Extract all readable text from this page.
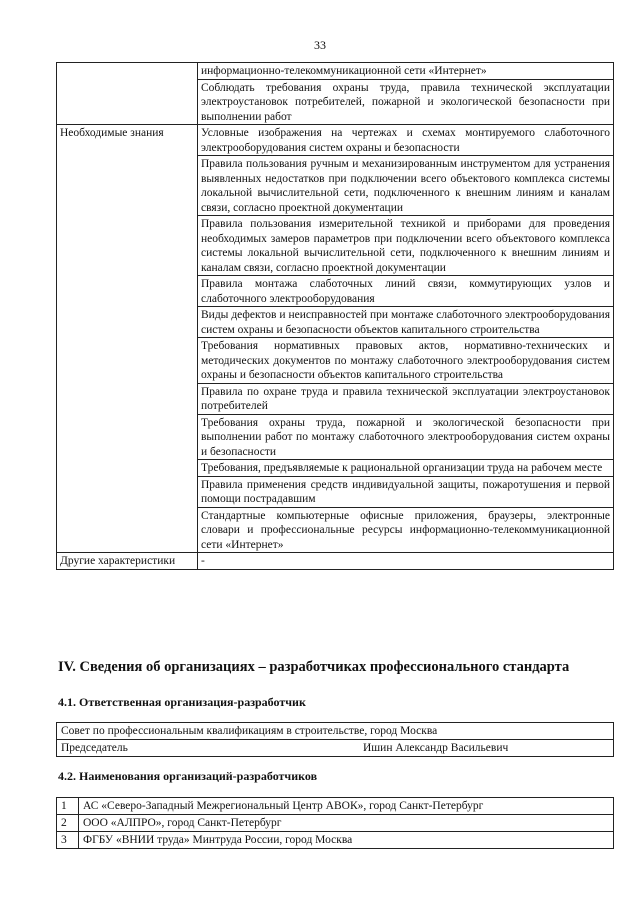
33
	информационно-телекоммуникационной сети «Интернет»
	Соблюдать требования охраны труда, правила технической эксплуатации электроустановок потребителей, пожарной и экологической безопасности при выполнении работ
Необходимые знания	Условные изображения на чертежах и схемах монтируемого слаботочного электрооборудования систем охраны и безопасности
	Правила пользования ручным и механизированным инструментом для устранения выявленных недостатков при подключении всего объектового комплекса системы локальной вычислительной сети, подключенного к внешним линиям и каналам связи, согласно проектной документации
	Правила пользования измерительной техникой и приборами для проведения необходимых замеров параметров при подключении всего объектового комплекса системы локальной вычислительной сети, подключенного к внешним линиям и каналам связи, согласно проектной документации
	Правила монтажа слаботочных линий связи, коммутирующих узлов и слаботочного электрооборудования
	Виды дефектов и неисправностей при монтаже слаботочного электрооборудования систем охраны и безопасности объектов капитального строительства
	Требования нормативных правовых актов, нормативно-технических и методических документов по монтажу слаботочного электрооборудования систем охраны и безопасности объектов капитального строительства
	Правила по охране труда и правила технической эксплуатации электроустановок потребителей
	Требования охраны труда, пожарной и экологической безопасности при выполнении работ по монтажу слаботочного электрооборудования систем охраны и безопасности
	Требования, предъявляемые к рациональной организации труда на рабочем месте
	Правила применения средств индивидуальной защиты, пожаротушения и первой помощи пострадавшим
	Стандартные компьютерные офисные приложения, браузеры, электронные словари и профессиональные ресурсы информационно-телекоммуникационной сети «Интернет»
Другие характеристики	-
IV. Сведения об организациях – разработчиках профессионального стандарта
4.1. Ответственная организация-разработчик
Совет по профессиональным квалификациям в строительстве, город Москва
Председатель	Ишин Александр Васильевич
4.2. Наименования организаций-разработчиков
1	АС «Северо-Западный Межрегиональный Центр АВОК», город Санкт-Петербург
2	ООО «АЛПРО», город Санкт-Петербург
3	ФГБУ «ВНИИ труда» Минтруда России, город Москва
